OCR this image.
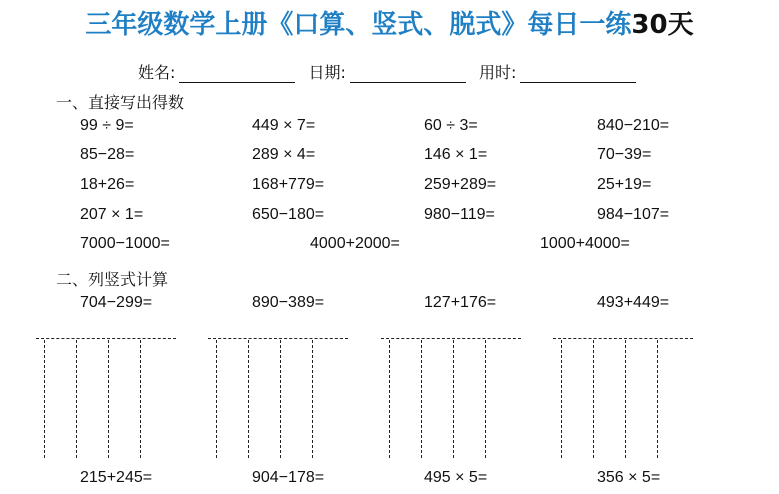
三年级数学上册《口算、竖式、脱式》每日一练30天
姓名:	日期:	用时:
一、直接写出得数
99 ÷ 9=	449 × 7=	60 ÷ 3=	840−210=
85−28=	289 × 4=	146 × 1=	70−39=
18+26=	168+779=	259+289=	25+19=
207 × 1=	650−180=	980−119=	984−107=
7000−1000=	4000+2000=	1000+4000=
二、列竖式计算
704−299=	890−389=	127+176=	493+449=
215+245=	904−178=	495 × 5=	356 × 5=
